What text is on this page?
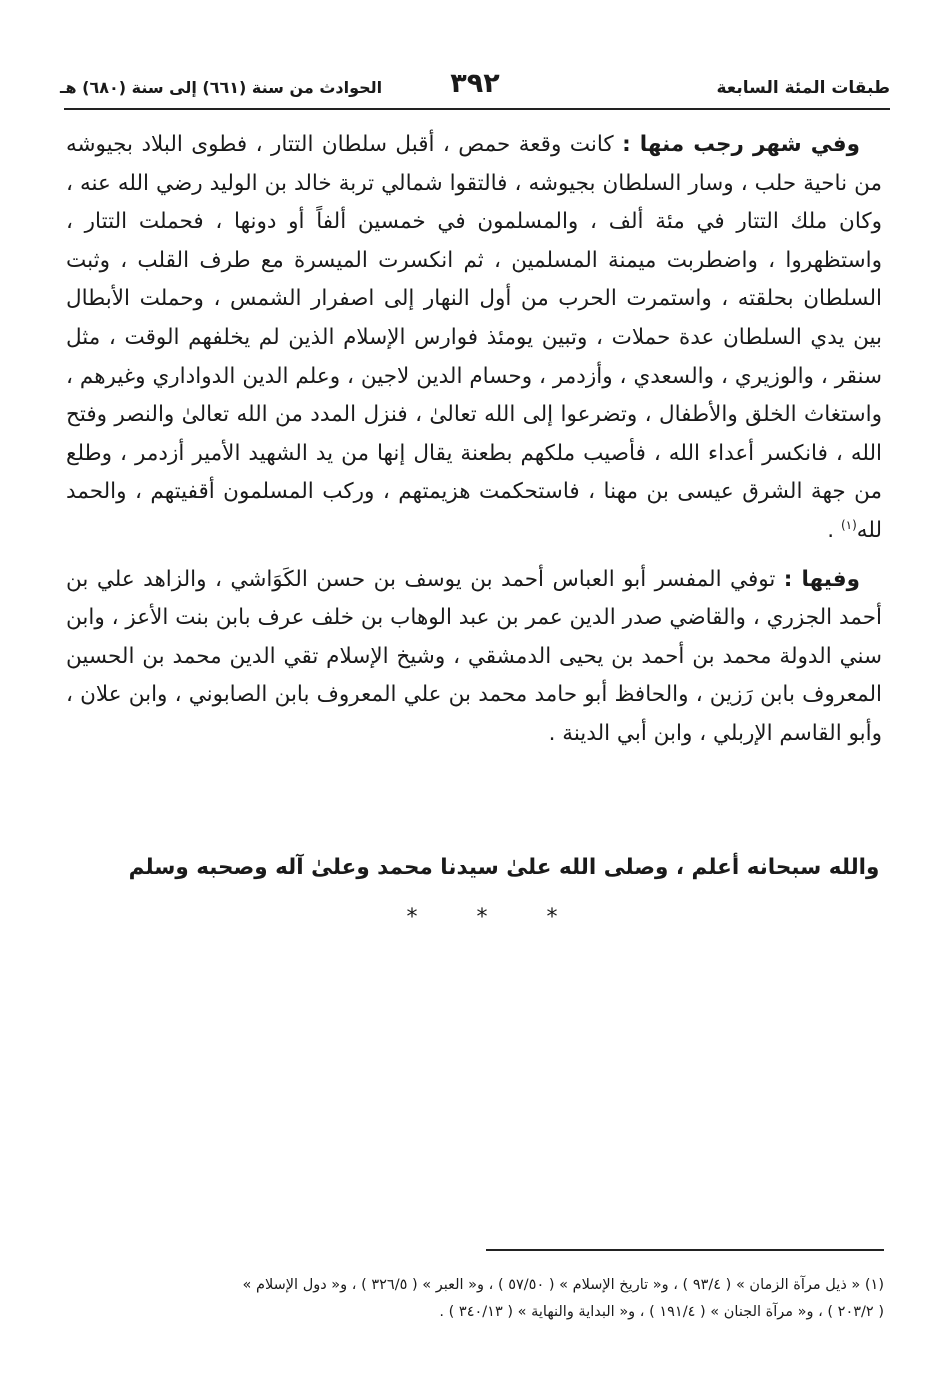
طبقات المئة السابعة
٣٩٢
الحوادث من سنة (٦٦١) إلى سنة (٦٨٠) هـ

وفي شهر رجب منها : كانت وقعة حمص ، أقبل سلطان التتار ، فطوى البلاد بجيوشه من ناحية حلب ، وسار السلطان بجيوشه ، فالتقوا شمالي تربة خالد بن الوليد رضي الله عنه ، وكان ملك التتار في مئة ألف ، والمسلمون في خمسين ألفاً أو دونها ، فحملت التتار ، واستظهروا ، واضطربت ميمنة المسلمين ، ثم انكسرت الميسرة مع طرف القلب ، وثبت السلطان بحلقته ، واستمرت الحرب من أول النهار إلى اصفرار الشمس ، وحملت الأبطال بين يدي السلطان عدة حملات ، وتبين يومئذ فوارس الإسلام الذين لم يخلفهم الوقت ، مثل سنقر ، والوزيري ، والسعدي ، وأزدمر ، وحسام الدين لاجين ، وعلم الدين الدواداري وغيرهم ، واستغاث الخلق والأطفال ، وتضرعوا إلى الله تعالىٰ ، فنزل المدد من الله تعالىٰ والنصر وفتح الله ، فانكسر أعداء الله ، فأصيب ملكهم بطعنة يقال إنها من يد الشهيد الأمير أزدمر ، وطلع من جهة الشرق عيسى بن مهنا ، فاستحكمت هزيمتهم ، وركب المسلمون أقفيتهم ، والحمد لله$^{(١)}$ .

وفيها : توفي المفسر أبو العباس أحمد بن يوسف بن حسن الكَوَاشي ، والزاهد علي بن أحمد الجزري ، والقاضي صدر الدين عمر بن عبد الوهاب بن خلف عرف بابن بنت الأعز ، وابن سني الدولة محمد بن أحمد بن يحيى الدمشقي ، وشيخ الإسلام تقي الدين محمد بن الحسين المعروف بابن رَزين ، والحافظ أبو حامد محمد بن علي المعروف بابن الصابوني ، وابن علان ، وأبو القاسم الإربلي ، وابن أبي الدينة .

والله سبحانه أعلم ، وصلى الله علىٰ سيدنا محمد وعلىٰ آله وصحبه وسلم
* * *
(١) « ذيل مرآة الزمان » ( ٩٣/٤ ) ، و« تاريخ الإسلام » ( ٥٧/٥٠ ) ، و« العبر » ( ٣٢٦/٥ ) ، و« دول الإسلام »
( ٢٠٣/٢ ) ، و« مرآة الجنان » ( ١٩١/٤ ) ، و« البداية والنهاية » ( ٣٤٠/١٣ ) .
